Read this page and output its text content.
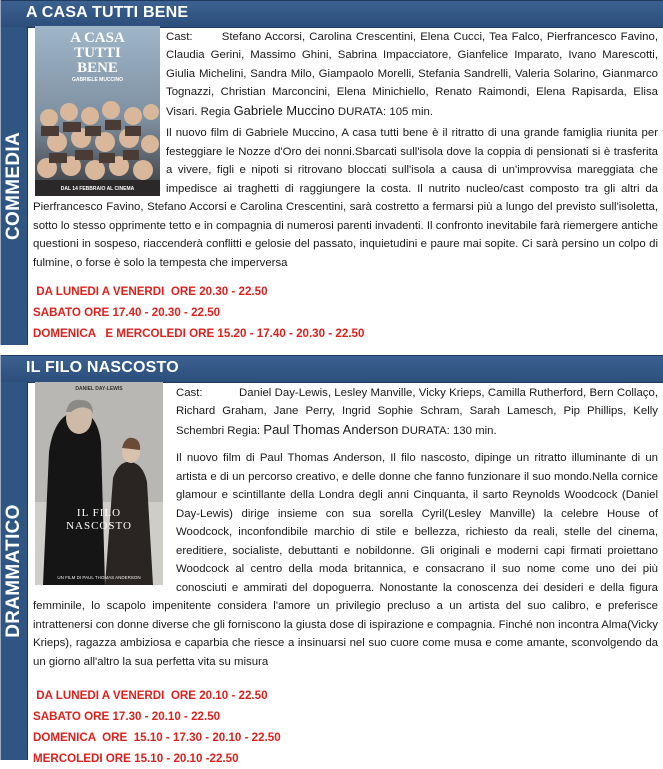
A CASA TUTTI BENE
COMMEDIA
A CASA
TUTTI
BENE
GABRIELE MUCCINO
DAL 14 FEBBRAIO AL CINEMA
Cast:	Stefano Accorsi, Carolina Crescentini, Elena Cucci, Tea Falco, Pierfrancesco Favino, Claudia Gerini, Massimo Ghini, Sabrina Impacciatore, Gianfelice Imparato, Ivano Marescotti, Giulia Michelini, Sandra Milo, Giampaolo Morelli, Stefania Sandrelli, Valeria Solarino, Gianmarco Tognazzi, Christian Marconcini, Elena Minichiello, Renato Raimondi, Elena Rapisarda, Elisa Visari. Regia Gabriele Muccino DURATA: 105 min.
Il nuovo film di Gabriele Muccino, A casa tutti bene è il ritratto di una grande famiglia riunita per festeggiare le Nozze d'Oro dei nonni.Sbarcati sull'isola dove la coppia di pensionati si è trasferita a vivere, figli e nipoti si ritrovano bloccati sull'isola a causa di un'improvvisa mareggiata che impedisce ai traghetti di raggiungere la costa. Il nutrito nucleo/cast composto tra gli altri da Pierfrancesco Favino, Stefano Accorsi e Carolina Crescentini, sarà costretto a fermarsi più a lungo del previsto sull'isoletta, sotto lo stesso opprimente tetto e in compagnia di numerosi parenti invadenti. Il confronto inevitabile farà riemergere antiche questioni in sospeso, riaccenderà conflitti e gelosie del passato, inquietudini e paure mai sopite. Ci sarà persino un colpo di fulmine, o forse è solo la tempesta che imperversa
DA LUNEDI A VENERDI  ORE 20.30 - 22.50
SABATO ORE 17.40 - 20.30 - 22.50
DOMENICA   E MERCOLEDI ORE 15.20 - 17.40 - 20.30 - 22.50
IL FILO NASCOSTO
DRAMMATICO	IL FILO
NASCOSTO
DANIEL DAY-LEWIS
UN FILM DI PAUL THOMAS ANDERSON
Cast:	Daniel Day-Lewis, Lesley Manville, Vicky Krieps, Camilla Rutherford, Bern Collaço, Richard Graham, Jane Perry, Ingrid Sophie Schram, Sarah Lamesch, Pip Phillips, Kelly Schembri Regia: Paul Thomas Anderson DURATA: 130 min.
Il nuovo film di Paul Thomas Anderson, Il filo nascosto, dipinge un ritratto illuminante di un artista e di un percorso creativo, e delle donne che fanno funzionare il suo mondo.Nella cornice glamour e scintillante della Londra degli anni Cinquanta, il sarto Reynolds Woodcock (Daniel Day-Lewis) dirige insieme con sua sorella Cyril(Lesley Manville) la celebre House of Woodcock, inconfondibile marchio di stile e bellezza, richiesto da reali, stelle del cinema, ereditiere, socialiste, debuttanti e nobildonne. Gli originali e moderni capi firmati proiettano Woodcock al centro della moda britannica, e consacrano il suo nome come uno dei più conosciuti e ammirati del dopoguerra. Nonostante la conoscenza dei desideri e della figura femminile, lo scapolo impenitente considera l'amore un privilegio precluso a un artista del suo calibro, e preferisce intrattenersi con donne diverse che gli forniscono la giusta dose di ispirazione e compagnia. Finché non incontra Alma(Vicky Krieps), ragazza ambiziosa e caparbia che riesce a insinuarsi nel suo cuore come musa e come amante, sconvolgendo da un giorno all'altro la sua perfetta vita su misura
DA LUNEDI A VENERDI  ORE 20.10 - 22.50
SABATO ORE 17.30 - 20.10 - 22.50
DOMENICA  ORE  15.10 - 17.30 - 20.10 - 22.50
MERCOLEDI ORE 15.10 - 20.10 -22.50
